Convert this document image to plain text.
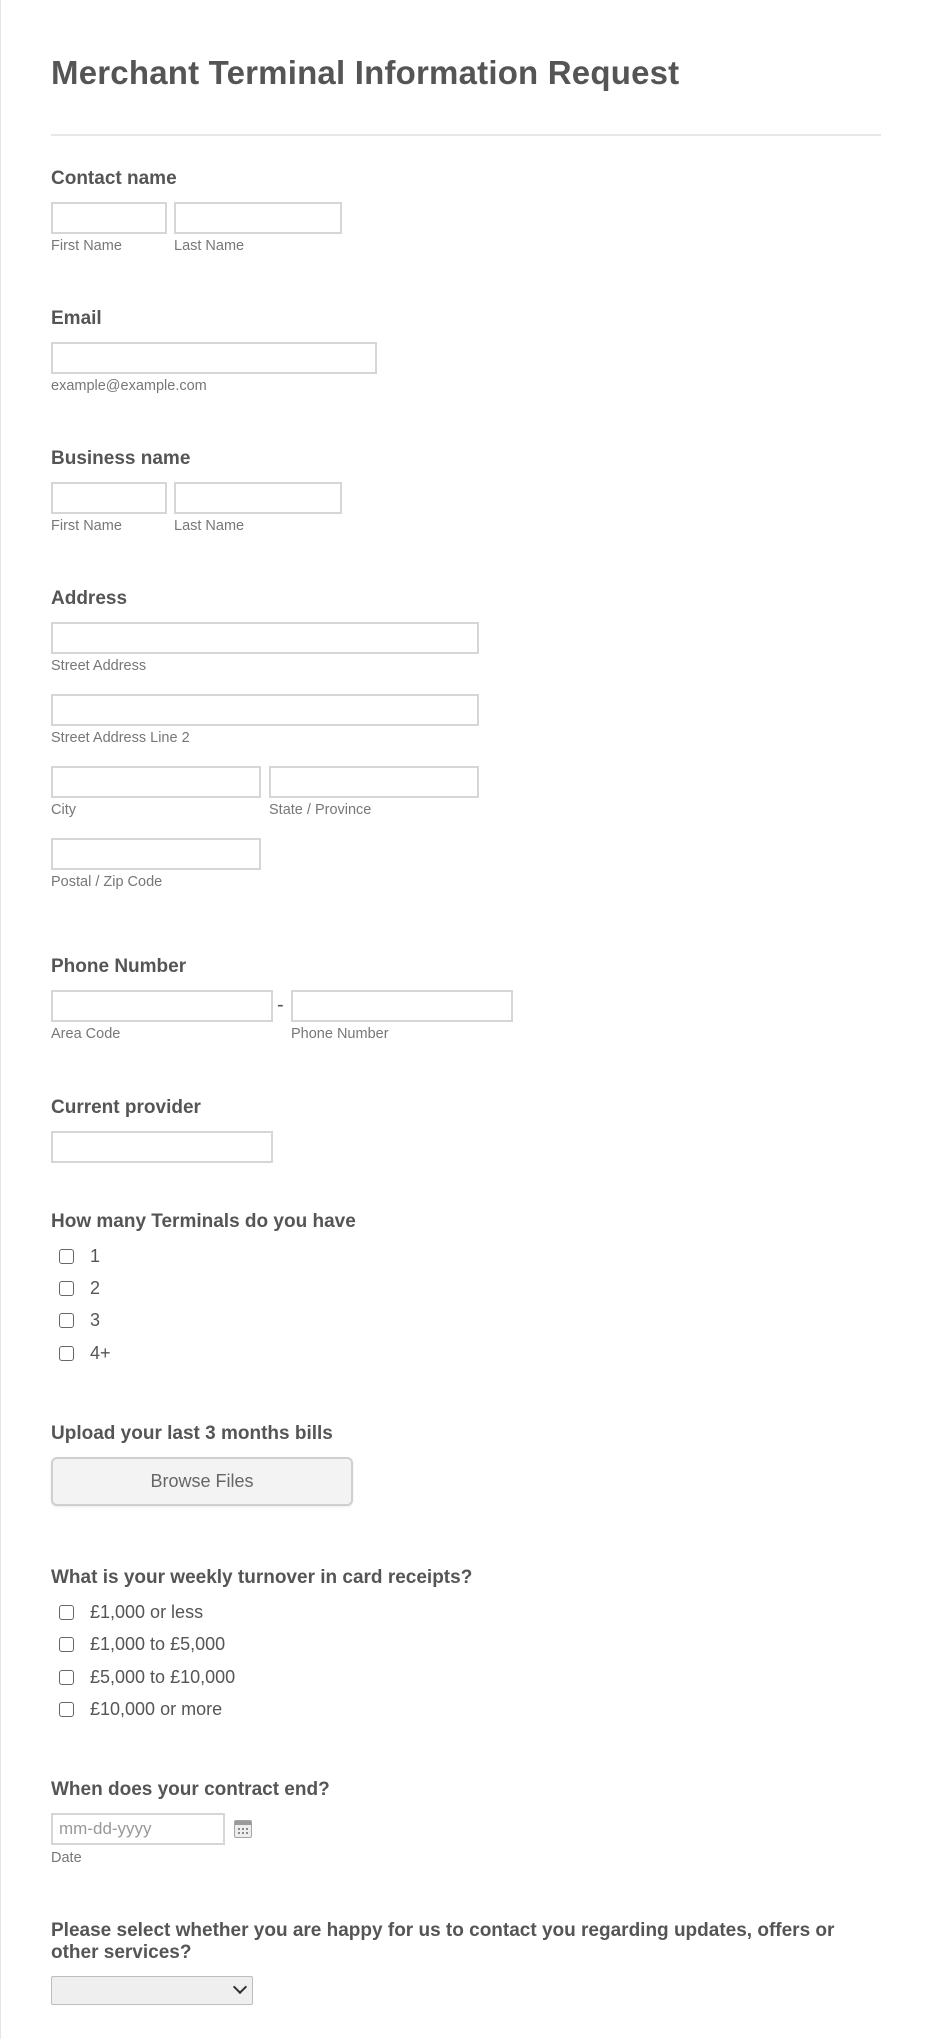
Merchant Terminal Information Request
Contact name
First Name	Last Name
Email
example@example.com
Business name
First Name	Last Name
Address
Street Address
Street Address Line 2
City	State / Province
Postal / Zip Code
Phone Number
-
Area Code	Phone Number
Current provider
How many Terminals do you have
1
2
3
4+
Upload your last 3 months bills
Browse Files
What is your weekly turnover in card receipts?
£1,000 or less
£1,000 to £5,000
£5,000 to £10,000
£10,000 or more
When does your contract end?
mm-dd-yyyy
Date
Please select whether you are happy for us to contact you regarding updates, offers or other services?
